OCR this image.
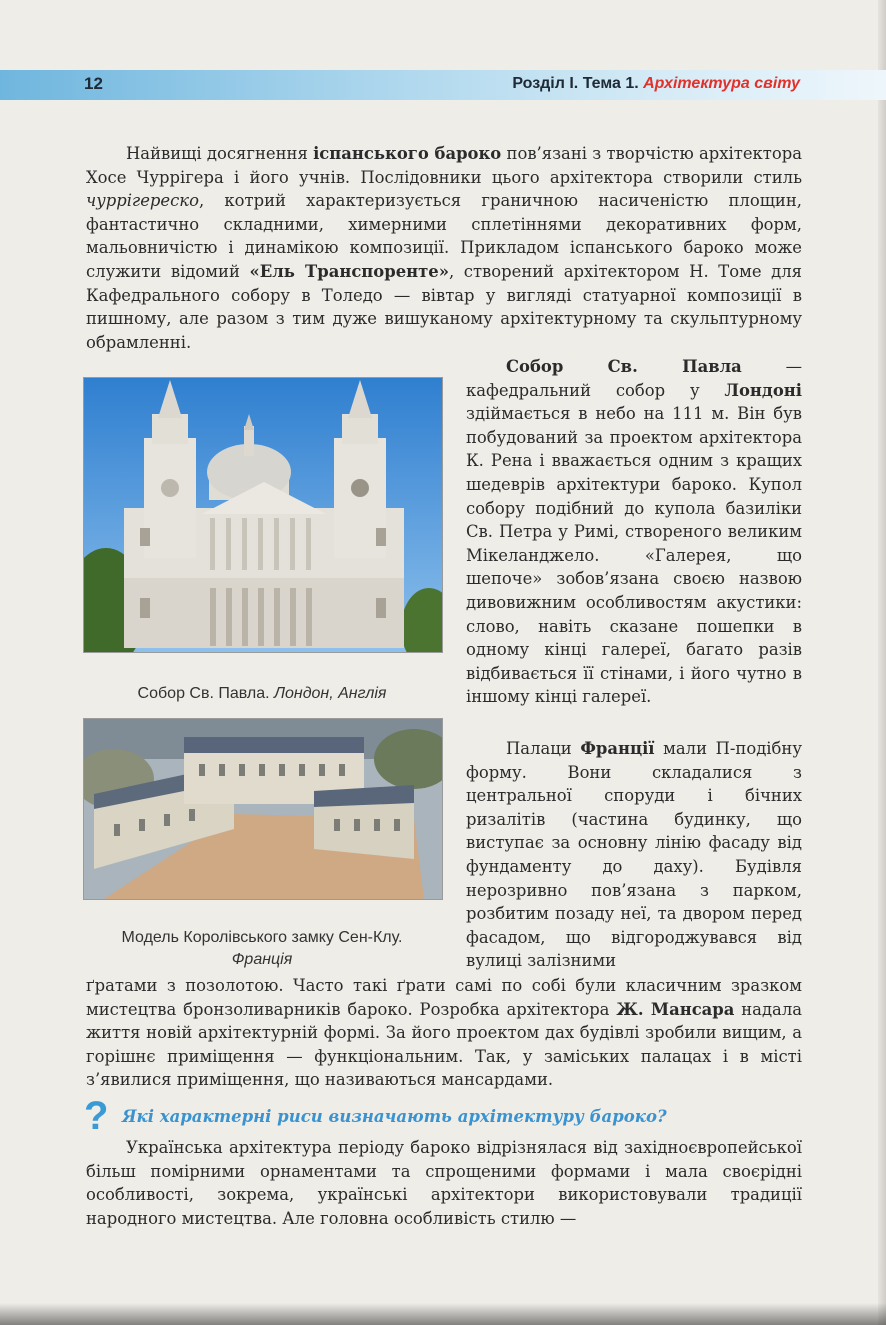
12	Розділ І. Тема 1. Архітектура світу

Найвищі досягнення іспанського бароко пов’язані з творчістю архітектора Хосе Чуррігера і його учнів. Послідовники цього архітектора створили стиль чуррігереско, котрий характеризується граничною насиченістю площин, фантастично складними, химерними сплетіннями декоративних форм, мальовничістю і динамікою композиції. Прикладом іспанського бароко може служити відомий «Ель Транспоренте», створений архітектором Н. Томе для Кафедрального собору в Толедо — вівтар у вигляді статуарної композиції в пишному, але разом з тим дуже вишуканому архітектурному та скульптурному обрамленні.

Собор Св. Павла. Лондон, Англія
Модель Королівського замку Сен-Клу.
Франція

Собор Св. Павла — кафедральний собор у Лондоні здіймається в небо на 111 м. Він був побудований за проектом архітектора К. Рена і вважається одним з кращих шедеврів архітектури бароко. Купол собору подібний до купола базиліки Св. Петра у Римі, створеного великим Мікеланджело. «Галерея, що шепоче» зобов’язана своєю назвою дивовижним особливостям акустики: слово, навіть сказане пошепки в одному кінці галереї, багато разів відбивається її стінами, і його чутно в іншому кінці галереї.

Палаци Франції мали П-подібну форму. Вони складалися з центральної споруди і бічних ризалітів (частина будинку, що виступає за основну лінію фасаду від фундаменту до даху). Будівля нерозривно пов’язана з парком, розбитим позаду неї, та двором перед фасадом, що відгороджувався від вулиці залізними

ґратами з позолотою. Часто такі ґрати самі по собі були класичним зразком мистецтва бронзоливарників бароко. Розробка архітектора Ж. Мансара надала життя новій архітектурній формі. За його проектом дах будівлі зробили вищим, а горішнє приміщення — функціональним. Так, у заміських палацах і в місті з’явилися приміщення, що називаються мансардами.

? Які характерні риси визначають архітектуру бароко?

Українська архітектура періоду бароко відрізнялася від західноєвропейської більш помірними орнаментами та спрощеними формами і мала своєрідні особливості, зокрема, українські архітектори використовували традиції народного мистецтва. Але головна особливість стилю —
